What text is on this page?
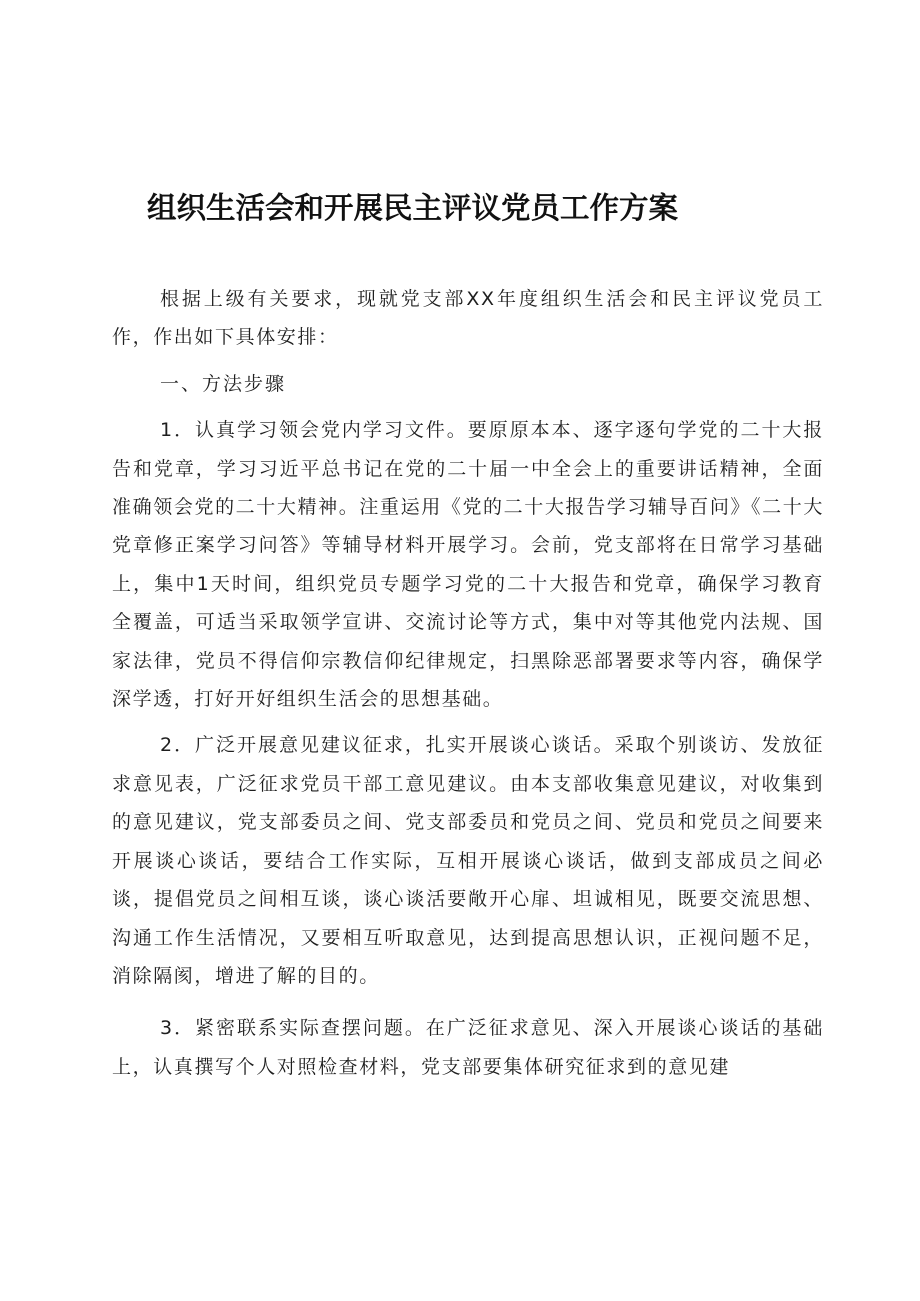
组织生活会和开展民主评议党员工作方案

根据上级有关要求，现就党支部XX年度组织生活会和民主评议党员工作，作出如下具体安排：

一、方法步骤

1．认真学习领会党内学习文件。要原原本本、逐字逐句学党的二十大报告和党章，学习习近平总书记在党的二十届一中全会上的重要讲话精神，全面准确领会党的二十大精神。注重运用《党的二十大报告学习辅导百问》《二十大党章修正案学习问答》等辅导材料开展学习。会前，党支部将在日常学习基础上，集中1天时间，组织党员专题学习党的二十大报告和党章，确保学习教育全覆盖，可适当采取领学宣讲、交流讨论等方式，集中对等其他党内法规、国家法律，党员不得信仰宗教信仰纪律规定，扫黑除恶部署要求等内容，确保学深学透，打好开好组织生活会的思想基础。

2．广泛开展意见建议征求，扎实开展谈心谈话。采取个别谈访、发放征求意见表，广泛征求党员干部工意见建议。由本支部收集意见建议，对收集到的意见建议，党支部委员之间、党支部委员和党员之间、党员和党员之间要来开展谈心谈话，要结合工作实际，互相开展谈心谈话，做到支部成员之间必谈，提倡党员之间相互谈，谈心谈活要敞开心扉、坦诚相见，既要交流思想、沟通工作生活情况，又要相互听取意见，达到提高思想认识，正视问题不足，消除隔阂，增进了解的目的。

3．紧密联系实际查摆问题。在广泛征求意见、深入开展谈心谈话的基础上，认真撰写个人对照检查材料，党支部要集体研究征求到的意见建
